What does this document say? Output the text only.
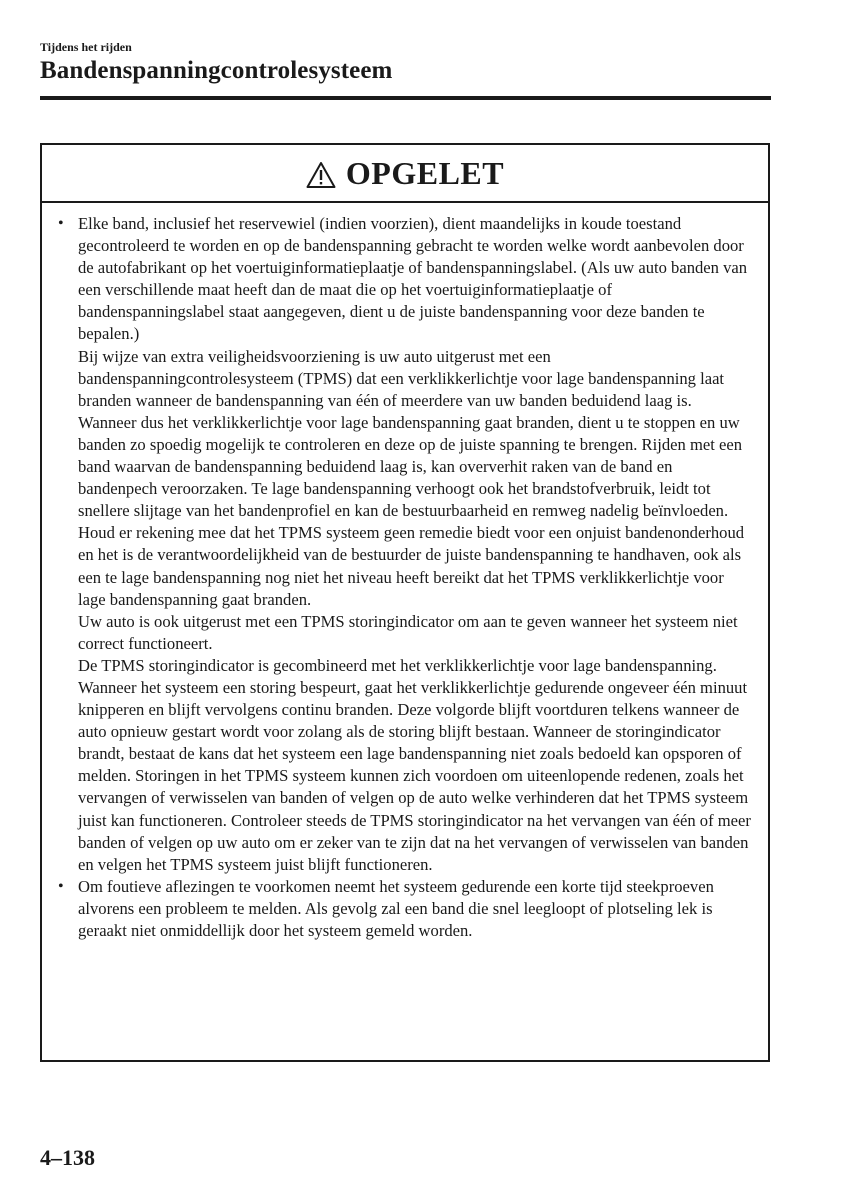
Tijdens het rijden
Bandenspanningcontrolesysteem
OPGELET
• Elke band, inclusief het reservewiel (indien voorzien), dient maandelijks in koude toestand gecontroleerd te worden en op de bandenspanning gebracht te worden welke wordt aanbevolen door de autofabrikant op het voertuiginformatieplaatje of bandenspanningslabel. (Als uw auto banden van een verschillende maat heeft dan de maat die op het voertuiginformatieplaatje of bandenspanningslabel staat aangegeven, dient u de juiste bandenspanning voor deze banden te bepalen.)

Bij wijze van extra veiligheidsvoorziening is uw auto uitgerust met een bandenspanningcontrolesysteem (TPMS) dat een verklikkerlichtje voor lage bandenspanning laat branden wanneer de bandenspanning van één of meerdere van uw banden beduidend laag is. Wanneer dus het verklikkerlichtje voor lage bandenspanning gaat branden, dient u te stoppen en uw banden zo spoedig mogelijk te controleren en deze op de juiste spanning te brengen. Rijden met een band waarvan de bandenspanning beduidend laag is, kan oververhit raken van de band en bandenpech veroorzaken. Te lage bandenspanning verhoogt ook het brandstofverbruik, leidt tot snellere slijtage van het bandenprofiel en kan de bestuurbaarheid en remweg nadelig beïnvloeden.

Houd er rekening mee dat het TPMS systeem geen remedie biedt voor een onjuist bandenonderhoud en het is de verantwoordelijkheid van de bestuurder de juiste bandenspanning te handhaven, ook als een te lage bandenspanning nog niet het niveau heeft bereikt dat het TPMS verklikkerlichtje voor lage bandenspanning gaat branden.

Uw auto is ook uitgerust met een TPMS storingindicator om aan te geven wanneer het systeem niet correct functioneert.

De TPMS storingindicator is gecombineerd met het verklikkerlichtje voor lage bandenspanning. Wanneer het systeem een storing bespeurt, gaat het verklikkerlichtje gedurende ongeveer één minuut knipperen en blijft vervolgens continu branden. Deze volgorde blijft voortduren telkens wanneer de auto opnieuw gestart wordt voor zolang als de storing blijft bestaan. Wanneer de storingindicator brandt, bestaat de kans dat het systeem een lage bandenspanning niet zoals bedoeld kan opsporen of melden. Storingen in het TPMS systeem kunnen zich voordoen om uiteenlopende redenen, zoals het vervangen of verwisselen van banden of velgen op de auto welke verhinderen dat het TPMS systeem juist kan functioneren. Controleer steeds de TPMS storingindicator na het vervangen van één of meer banden of velgen op uw auto om er zeker van te zijn dat na het vervangen of verwisselen van banden en velgen het TPMS systeem juist blijft functioneren.

• Om foutieve aflezingen te voorkomen neemt het systeem gedurende een korte tijd steekproeven alvorens een probleem te melden. Als gevolg zal een band die snel leegloopt of plotseling lek is geraakt niet onmiddellijk door het systeem gemeld worden.

4–138
